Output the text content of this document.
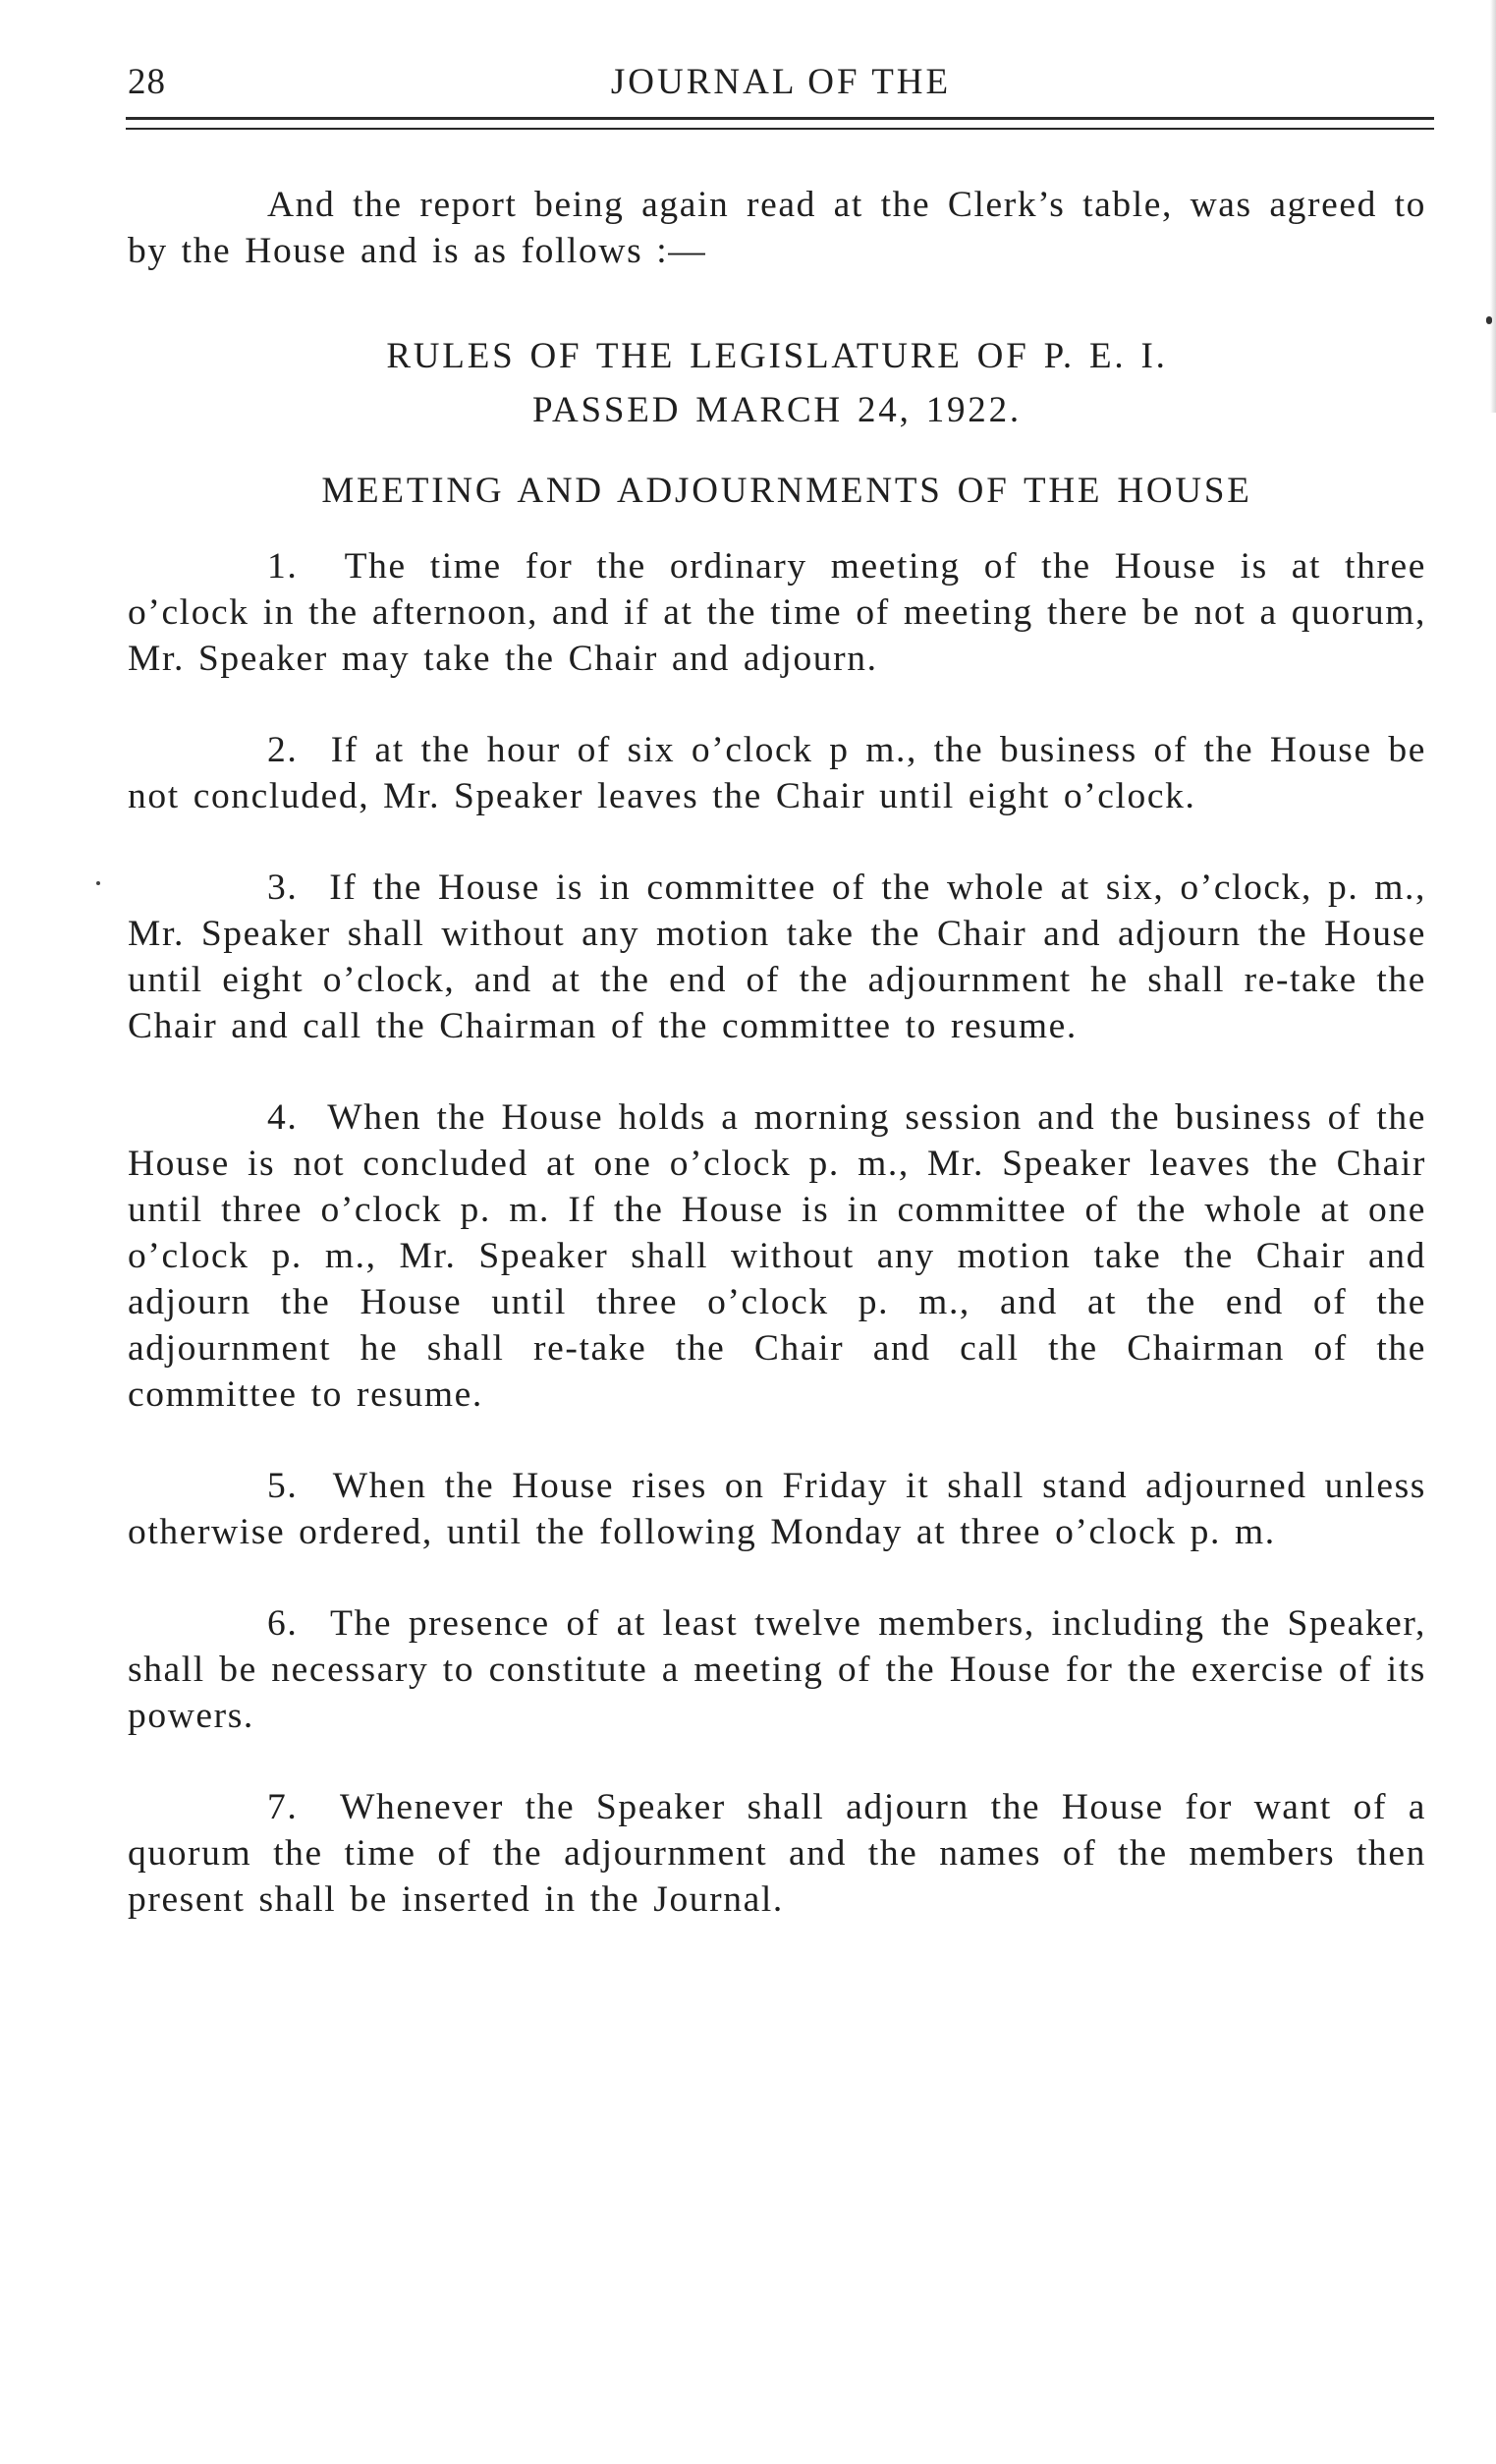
28	JOURNAL OF THE

And the report being again read at the Clerk’s table, was agreed to by the House and is as follows :—

RULES OF THE LEGISLATURE OF P. E. I.

PASSED MARCH 24, 1922.

MEETING AND ADJOURNMENTS OF THE HOUSE

1. The time for the ordinary meeting of the House is at three o’clock in the afternoon, and if at the time of meeting there be not a quorum, Mr. Speaker may take the Chair and adjourn.

2. If at the hour of six o’clock p m., the business of the House be not concluded, Mr. Speaker leaves the Chair until eight o’clock.

3. If the House is in committee of the whole at six, o’clock, p. m., Mr. Speaker shall without any motion take the Chair and adjourn the House until eight o’clock, and at the end of the adjournment he shall re-take the Chair and call the Chairman of the committee to resume.

4. When the House holds a morning session and the business of the House is not concluded at one o’clock p. m., Mr. Speaker leaves the Chair until three o’clock p. m. If the House is in committee of the whole at one o’clock p. m., Mr. Speaker shall without any motion take the Chair and adjourn the House until three o’clock p. m., and at the end of the adjournment he shall re-take the Chair and call the Chairman of the committee to resume.

5. When the House rises on Friday it shall stand adjourned unless otherwise ordered, until the following Monday at three o’clock p. m.

6. The presence of at least twelve members, including the Speaker, shall be necessary to constitute a meeting of the House for the exercise of its powers.

7. Whenever the Speaker shall adjourn the House for want of a quorum the time of the adjournment and the names of the members then present shall be inserted in the Journal.
